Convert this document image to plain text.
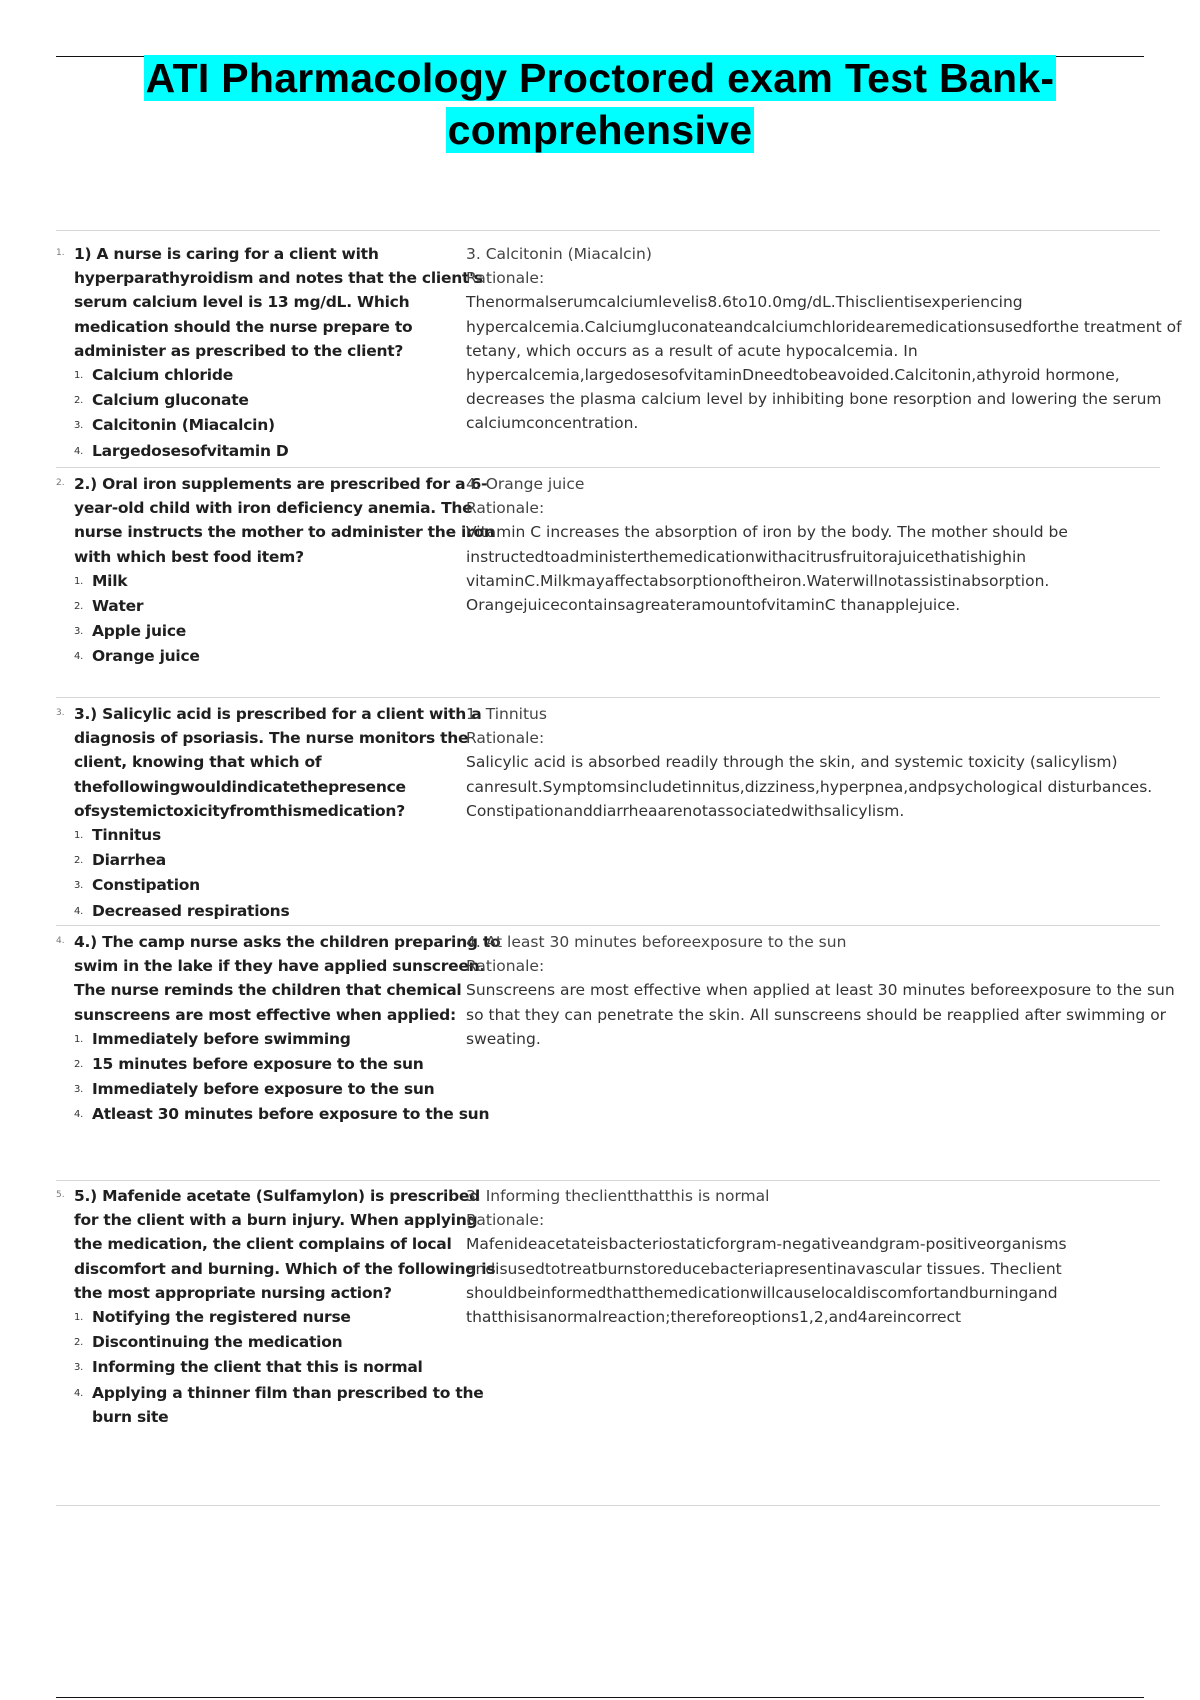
ATI Pharmacology Proctored exam Test Bank-
comprehensive
1. 1) A nurse is caring for a client with hyperparathyroidism and notes that the client's serum calcium level is 13 mg/dL. Which medication should the nurse prepare to administer as prescribed to the client?
1. Calcium chloride
2. Calcium gluconate
3. Calcitonin (Miacalcin)
4. Largedosesofvitamin D
3. Calcitonin (Miacalcin)
Rationale:
Thenormalserumcalciumlevelis8.6to10.0mg/dL.Thisclientisexperiencing hypercalcemia.Calciumgluconateandcalciumchloridearemedicationsusedforthe treatment of tetany, which occurs as a result of acute hypocalcemia. In hypercalcemia,largedosesofvitaminDneedtobeavoided.Calcitonin,athyroid hormone, decreases the plasma calcium level by inhibiting bone resorption and lowering the serum calciumconcentration.
2. 2.) Oral iron supplements are prescribed for a 6-year-old child with iron deficiency anemia. The nurse instructs the mother to administer the iron with which best food item?
1. Milk
2. Water
3. Apple juice
4. Orange juice
4. Orange juice
Rationale:
Vitamin C increases the absorption of iron by the body. The mother should be instructedtoadministerthemedicationwithacitrusfruitorajuicethatishighin vitaminC.Milkmayaffectabsorptionoftheiron.Waterwillnotassistinabsorption. OrangejuicecontainsagreateramountofvitaminC thanapplejuice.
3. 3.) Salicylic acid is prescribed for a client with a diagnosis of psoriasis. The nurse monitors the client, knowing that which of thefollowingwouldindicatethepresence ofsystemictoxicityfromthismedication?
1. Tinnitus
2. Diarrhea
3. Constipation
4. Decreased respirations
1. Tinnitus
Rationale:
Salicylic acid is absorbed readily through the skin, and systemic toxicity (salicylism) canresult.Symptomsincludetinnitus,dizziness,hyperpnea,andpsychological disturbances. Constipationanddiarrheaarenotassociatedwithsalicylism.
4. 4.) The camp nurse asks the children preparing to swim in the lake if they have applied sunscreen. The nurse reminds the children that chemical sunscreens are most effective when applied:
1. Immediately before swimming
2. 15 minutes before exposure to the sun
3. Immediately before exposure to the sun
4. Atleast 30 minutes before exposure to the sun
4. At least 30 minutes beforeexposure to the sun
Rationale:
Sunscreens are most effective when applied at least 30 minutes beforeexposure to the sun so that they can penetrate the skin. All sunscreens should be reapplied after swimming or sweating.
5. 5.) Mafenide acetate (Sulfamylon) is prescribed for the client with a burn injury. When applying the medication, the client complains of local discomfort and burning. Which of the following is the most appropriate nursing action?
1. Notifying the registered nurse
2. Discontinuing the medication
3. Informing the client that this is normal
4. Applying a thinner film than prescribed to the burn site
3. Informing theclientthatthis is normal
Rationale:
Mafenideacetateisbacteriostaticforgram-negativeandgram-positiveorganisms andisusedtotreatburnstoreducebacteriapresentinavascular tissues. Theclient shouldbeinformedthatthemedicationwillcauselocaldiscomfortandburningand thatthisisanormalreaction;thereforeoptions1,2,and4areincorrect
